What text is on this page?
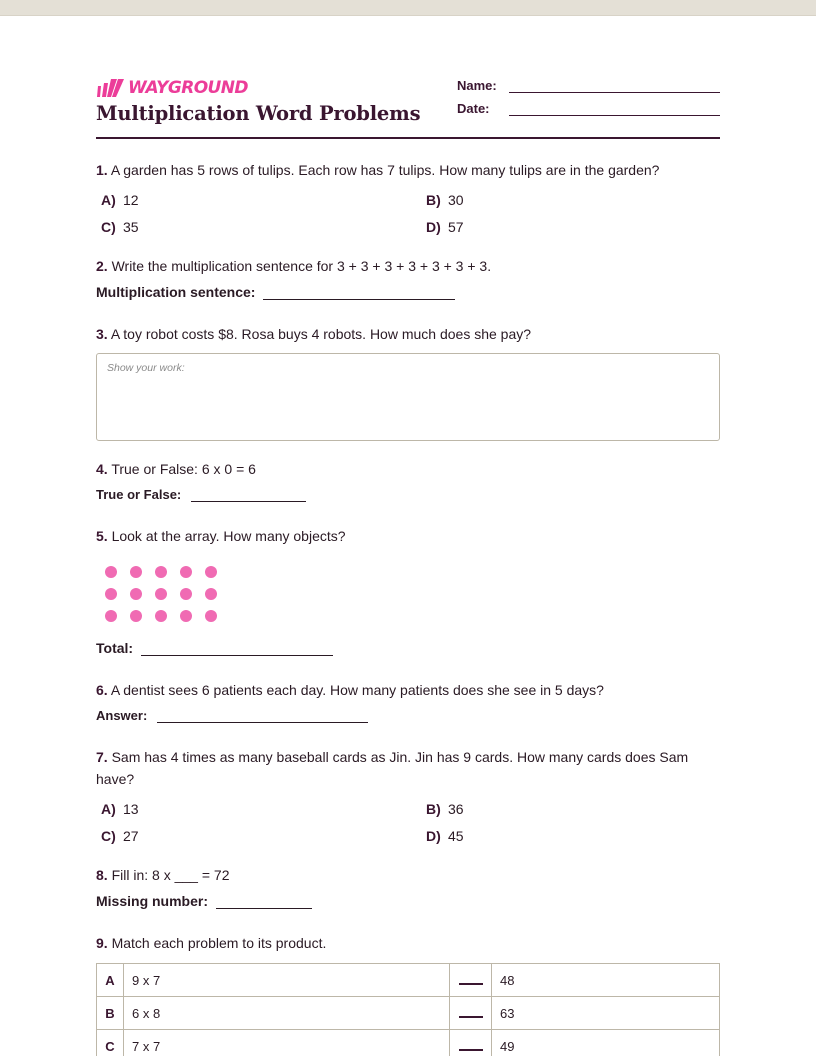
WAYGROUND
Multiplication Word Problems
Name:
Date:
1. A garden has 5 rows of tulips. Each row has 7 tulips. How many tulips are in the garden?
A) 12	B) 30
C) 35	D) 57
2. Write the multiplication sentence for 3 + 3 + 3 + 3 + 3 + 3 + 3.
Multiplication sentence:
3. A toy robot costs $8. Rosa buys 4 robots. How much does she pay?
Show your work:
4. True or False: 6 x 0 = 6
True or False:
5. Look at the array. How many objects?
Total:
6. A dentist sees 6 patients each day. How many patients does she see in 5 days?
Answer:
7. Sam has 4 times as many baseball cards as Jin. Jin has 9 cards. How many cards does Sam have?
A) 13	B) 36
C) 27	D) 45
8. Fill in: 8 x ___ = 72
Missing number:
9. Match each problem to its product.
A	9 x 7		48
B	6 x 8		63
C	7 x 7		49
